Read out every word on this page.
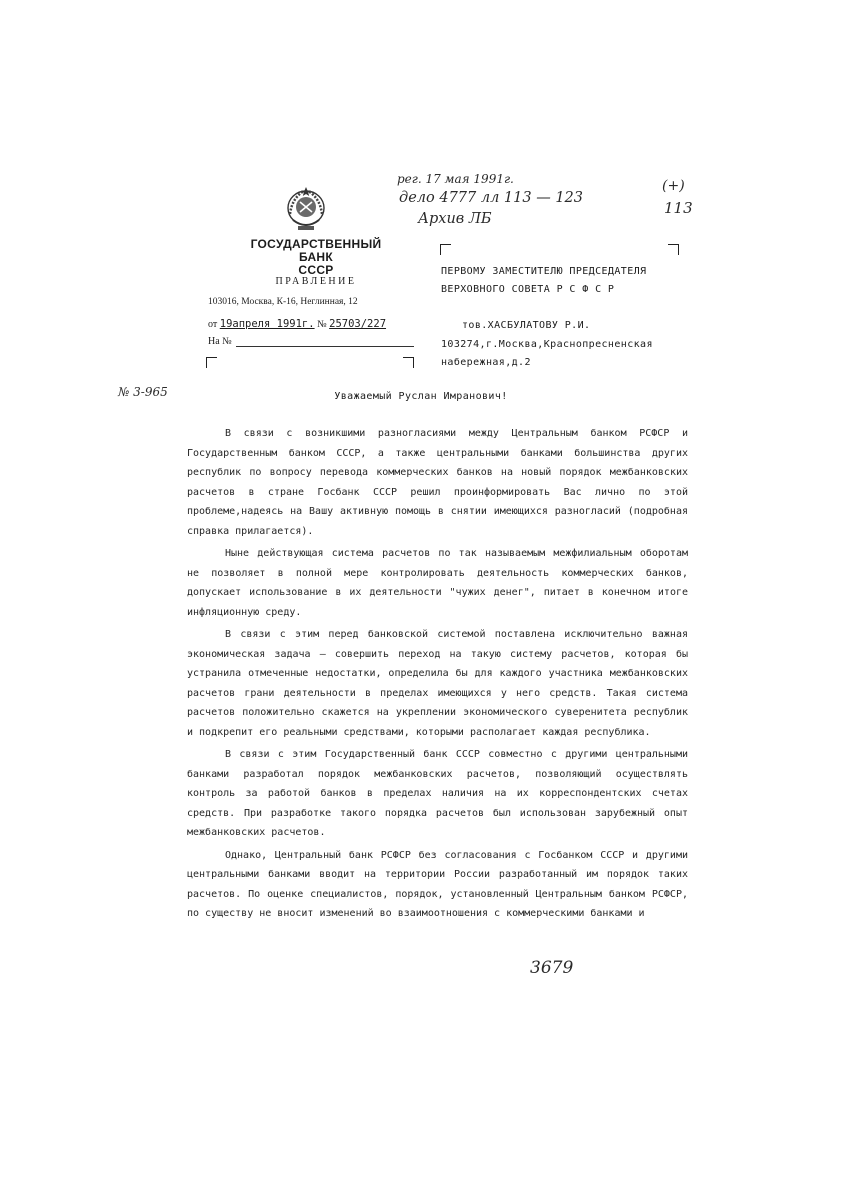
ГОСУДАРСТВЕННЫЙ БАНК
СССР
ПРАВЛЕНИЕ
103016, Москва, К-16, Неглинная, 12
от 19апреля 1991г. № 25703/227
На №
рег. 17 мая 1991г.
дело 4777 лл 113 — 123
Архив ЛБ
(+)
113
№ 3-965
3679
ПЕРВОМУ ЗАМЕСТИТЕЛЮ ПРЕДСЕДАТЕЛЯ
ВЕРХОВНОГО СОВЕТА Р С Ф С Р
тов.ХАСБУЛАТОВУ Р.И.
103274,г.Москва,Краснопресненская
набережная,д.2
Уважаемый Руслан Имранович!

В связи с возникшими разногласиями между Центральным банком РСФСР и Государственным банком СССР, а также центральными банками большинства других республик по вопросу перевода коммерческих банков на новый порядок межбанковских расчетов в стране Госбанк СССР решил проинформировать Вас лично по этой проблеме,надеясь на Вашу активную помощь в снятии имеющихся разногласий (подробная справка прилагается).

Ныне действующая система расчетов по так называемым межфилиальным оборотам не позволяет в полной мере контролировать деятельность коммерческих банков, допускает использование в их деятельности "чужих денег", питает в конечном итоге инфляционную среду.

В связи с этим перед банковской системой поставлена исключительно важная экономическая задача — совершить переход на такую систему расчетов, которая бы устранила отмеченные недостатки, определила бы для каждого участника межбанковских расчетов грани деятельности в пределах имеющихся у него средств. Такая система расчетов положительно скажется на укреплении экономического суверенитета республик и подкрепит его реальными средствами, которыми располагает каждая республика.

В связи с этим Государственный банк СССР совместно с другими центральными банками разработал порядок межбанковских расчетов, позволяющий осуществлять контроль за работой банков в пределах наличия на их корреспондентских счетах средств. При разработке такого порядка расчетов был использован зарубежный опыт межбанковских расчетов.

Однако, Центральный банк РСФСР без согласования с Госбанком СССР и другими центральными банками вводит на территории России разработанный им порядок таких расчетов. По оценке специалистов, порядок, установленный Центральным банком РСФСР, по существу не вносит изменений во взаимоотношения с коммерческими банками и
